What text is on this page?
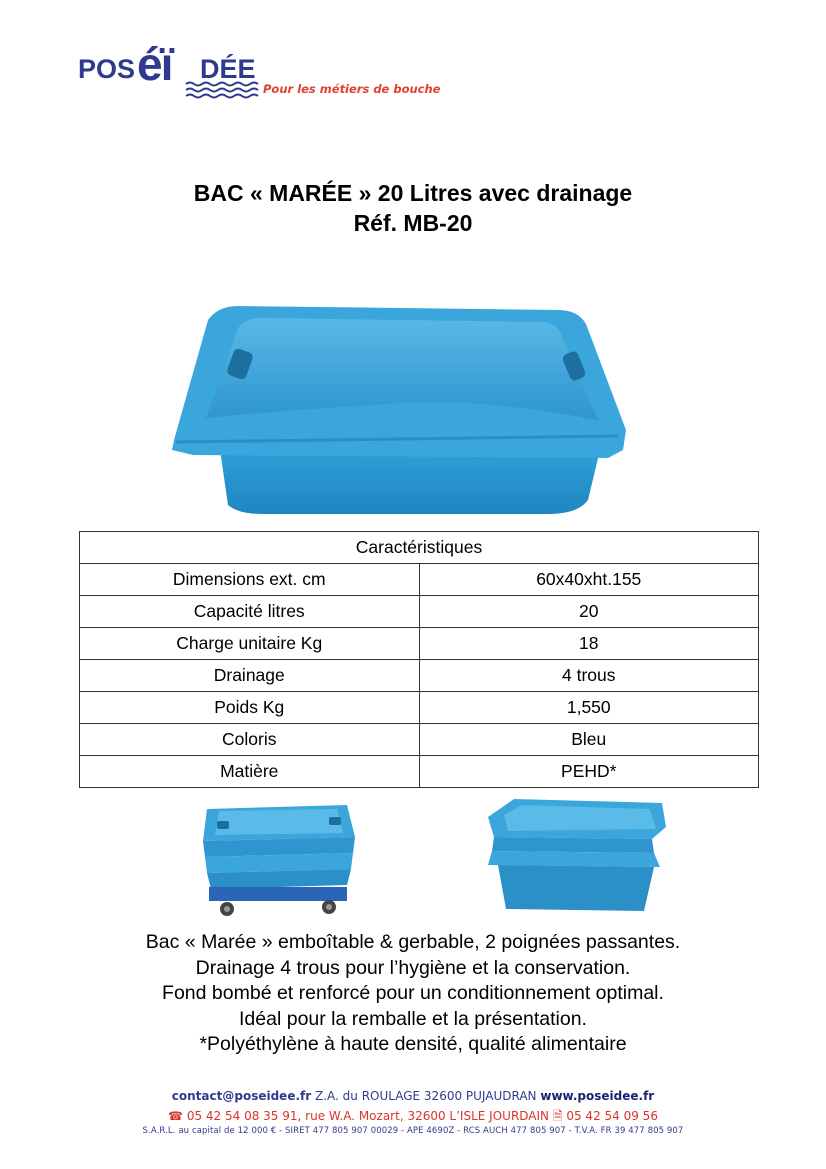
POS éï DÉE
Pour les métiers de bouche
BAC « MARÉE » 20 Litres avec drainage
Réf. MB-20
Caractéristiques	
Dimensions ext. cm	60x40xht.155
Capacité litres	20
Charge unitaire Kg	18
Drainage	4 trous
Poids Kg	1,550
Coloris	Bleu
Matière	PEHD*
Bac « Marée » emboîtable & gerbable, 2 poignées passantes.
Drainage 4 trous pour l’hygiène et la conservation.
Fond bombé et renforcé pour un conditionnement optimal.
Idéal pour la remballe et la présentation.
*Polyéthylène à haute densité, qualité alimentaire
contact@poseidee.fr Z.A. du ROULAGE 32600 PUJAUDRAN www.poseidee.fr
☎ 05 42 54 08 35 91, rue W.A. Mozart, 32600 L’ISLE JOURDAIN 🗎 05 42 54 09 56
S.A.R.L. au capital de 12 000 € - SIRET 477 805 907 00029 - APE 4690Z - RCS AUCH 477 805 907 - T.V.A. FR 39 477 805 907
